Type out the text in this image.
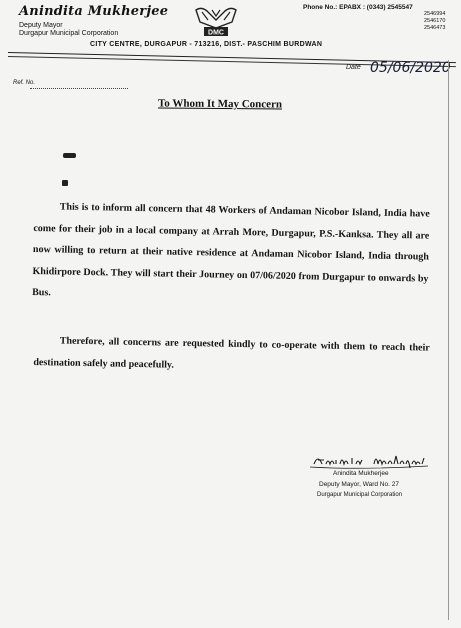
Anindita Mukherjee
Deputy Mayor
Durgapur Municipal Corporation	DMC
Phone No.: EPABX : (0343) 2545547
2546994
2546170
2546473
CITY CENTRE, DURGAPUR - 713216, DIST.- PASCHIM BURDWAN
Date 05/06/2020
Ref. No.
To Whom It May Concern
This is to inform all concern that 48 Workers of Andaman Nicobor Island, India have come for their job in a local company at Arrah More, Durgapur, P.S.-Kanksa. They all are now willing to return at their native residence at Andaman Nicobor Island, India through Khidirpore Dock. They will start their Journey on 07/06/2020 from Durgapur to onwards by Bus.
Therefore, all concerns are requested kindly to co-operate with them to reach their destination safely and peacefully.
Anindita Mukherjee
Deputy Mayor, Ward No. 27
Durgapur Municipal Corporation
